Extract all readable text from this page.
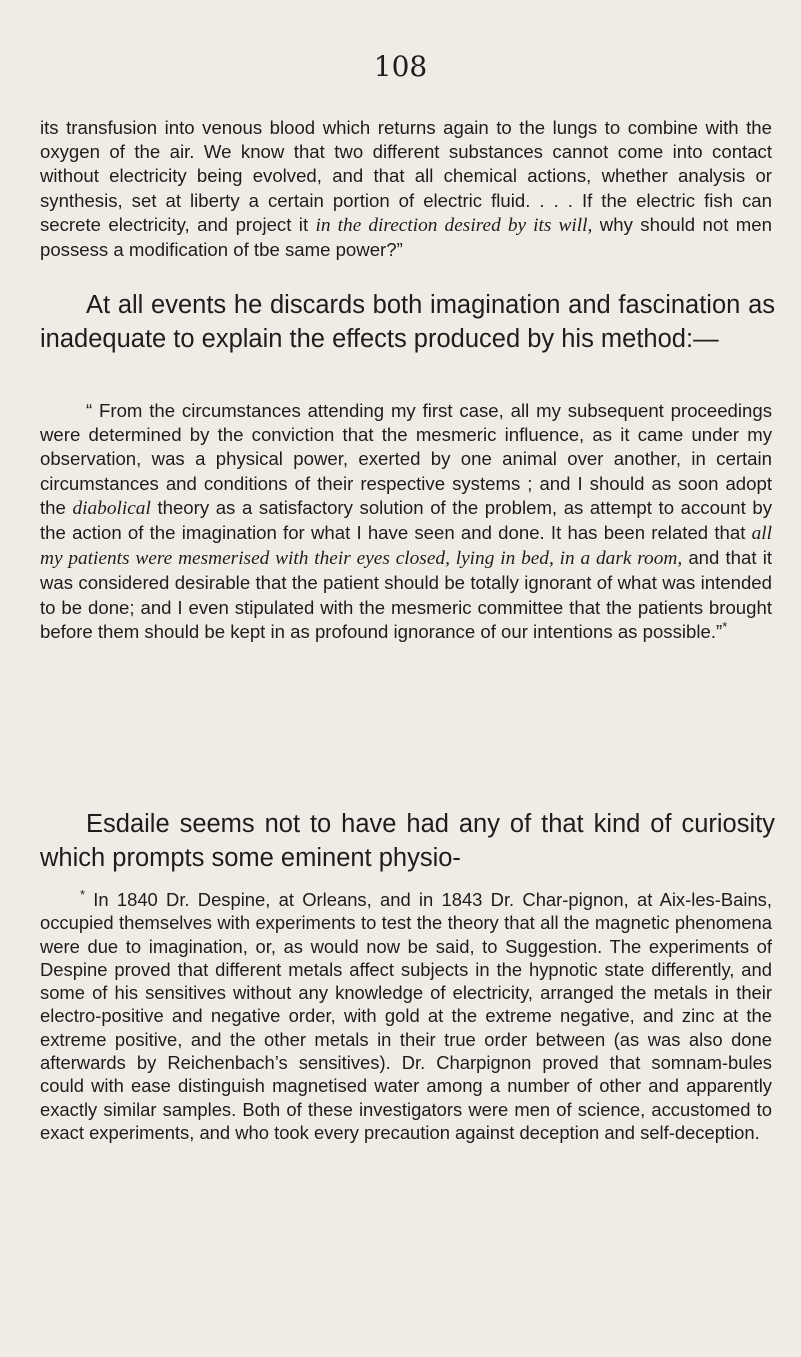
108

its transfusion into venous blood which returns again to the lungs to combine with the oxygen of the air. We know that two different substances cannot come into contact without electricity being evolved, and that all chemical actions, whether analysis or synthesis, set at liberty a certain portion of electric fluid. . . . If the electric fish can secrete electricity, and project it in the direction desired by its will, why should not men possess a modification of tbe same power?”

At all events he discards both imagination and fascination as inadequate to explain the effects produced by his method:—

“ From the circumstances attending my first case, all my subsequent proceedings were determined by the conviction that the mesmeric influence, as it came under my observation, was a physical power, exerted by one animal over another, in certain circumstances and conditions of their respective systems ; and I should as soon adopt the diabolical theory as a satisfactory solution of the problem, as attempt to account by the action of the imagination for what I have seen and done. It has been related that all my patients were mesmerised with their eyes closed, lying in bed, in a dark room, and that it was considered desirable that the patient should be totally ignorant of what was intended to be done; and I even stipulated with the mesmeric committee that the patients brought before them should be kept in as profound ignorance of our intentions as possible.”*

Esdaile seems not to have had any of that kind of curiosity which prompts some eminent physio-

* In 1840 Dr. Despine, at Orleans, and in 1843 Dr. Char-pignon, at Aix-les-Bains, occupied themselves with experiments to test the theory that all the magnetic phenomena were due to imagination, or, as would now be said, to Suggestion. The experiments of Despine proved that different metals affect subjects in the hypnotic state differently, and some of his sensitives without any knowledge of electricity, arranged the metals in their electro-positive and negative order, with gold at the extreme negative, and zinc at the extreme positive, and the other metals in their true order between (as was also done afterwards by Reichenbach’s sensitives). Dr. Charpignon proved that somnam-bules could with ease distinguish magnetised water among a number of other and apparently exactly similar samples. Both of these investigators were men of science, accustomed to exact experiments, and who took every precaution against deception and self-deception.
